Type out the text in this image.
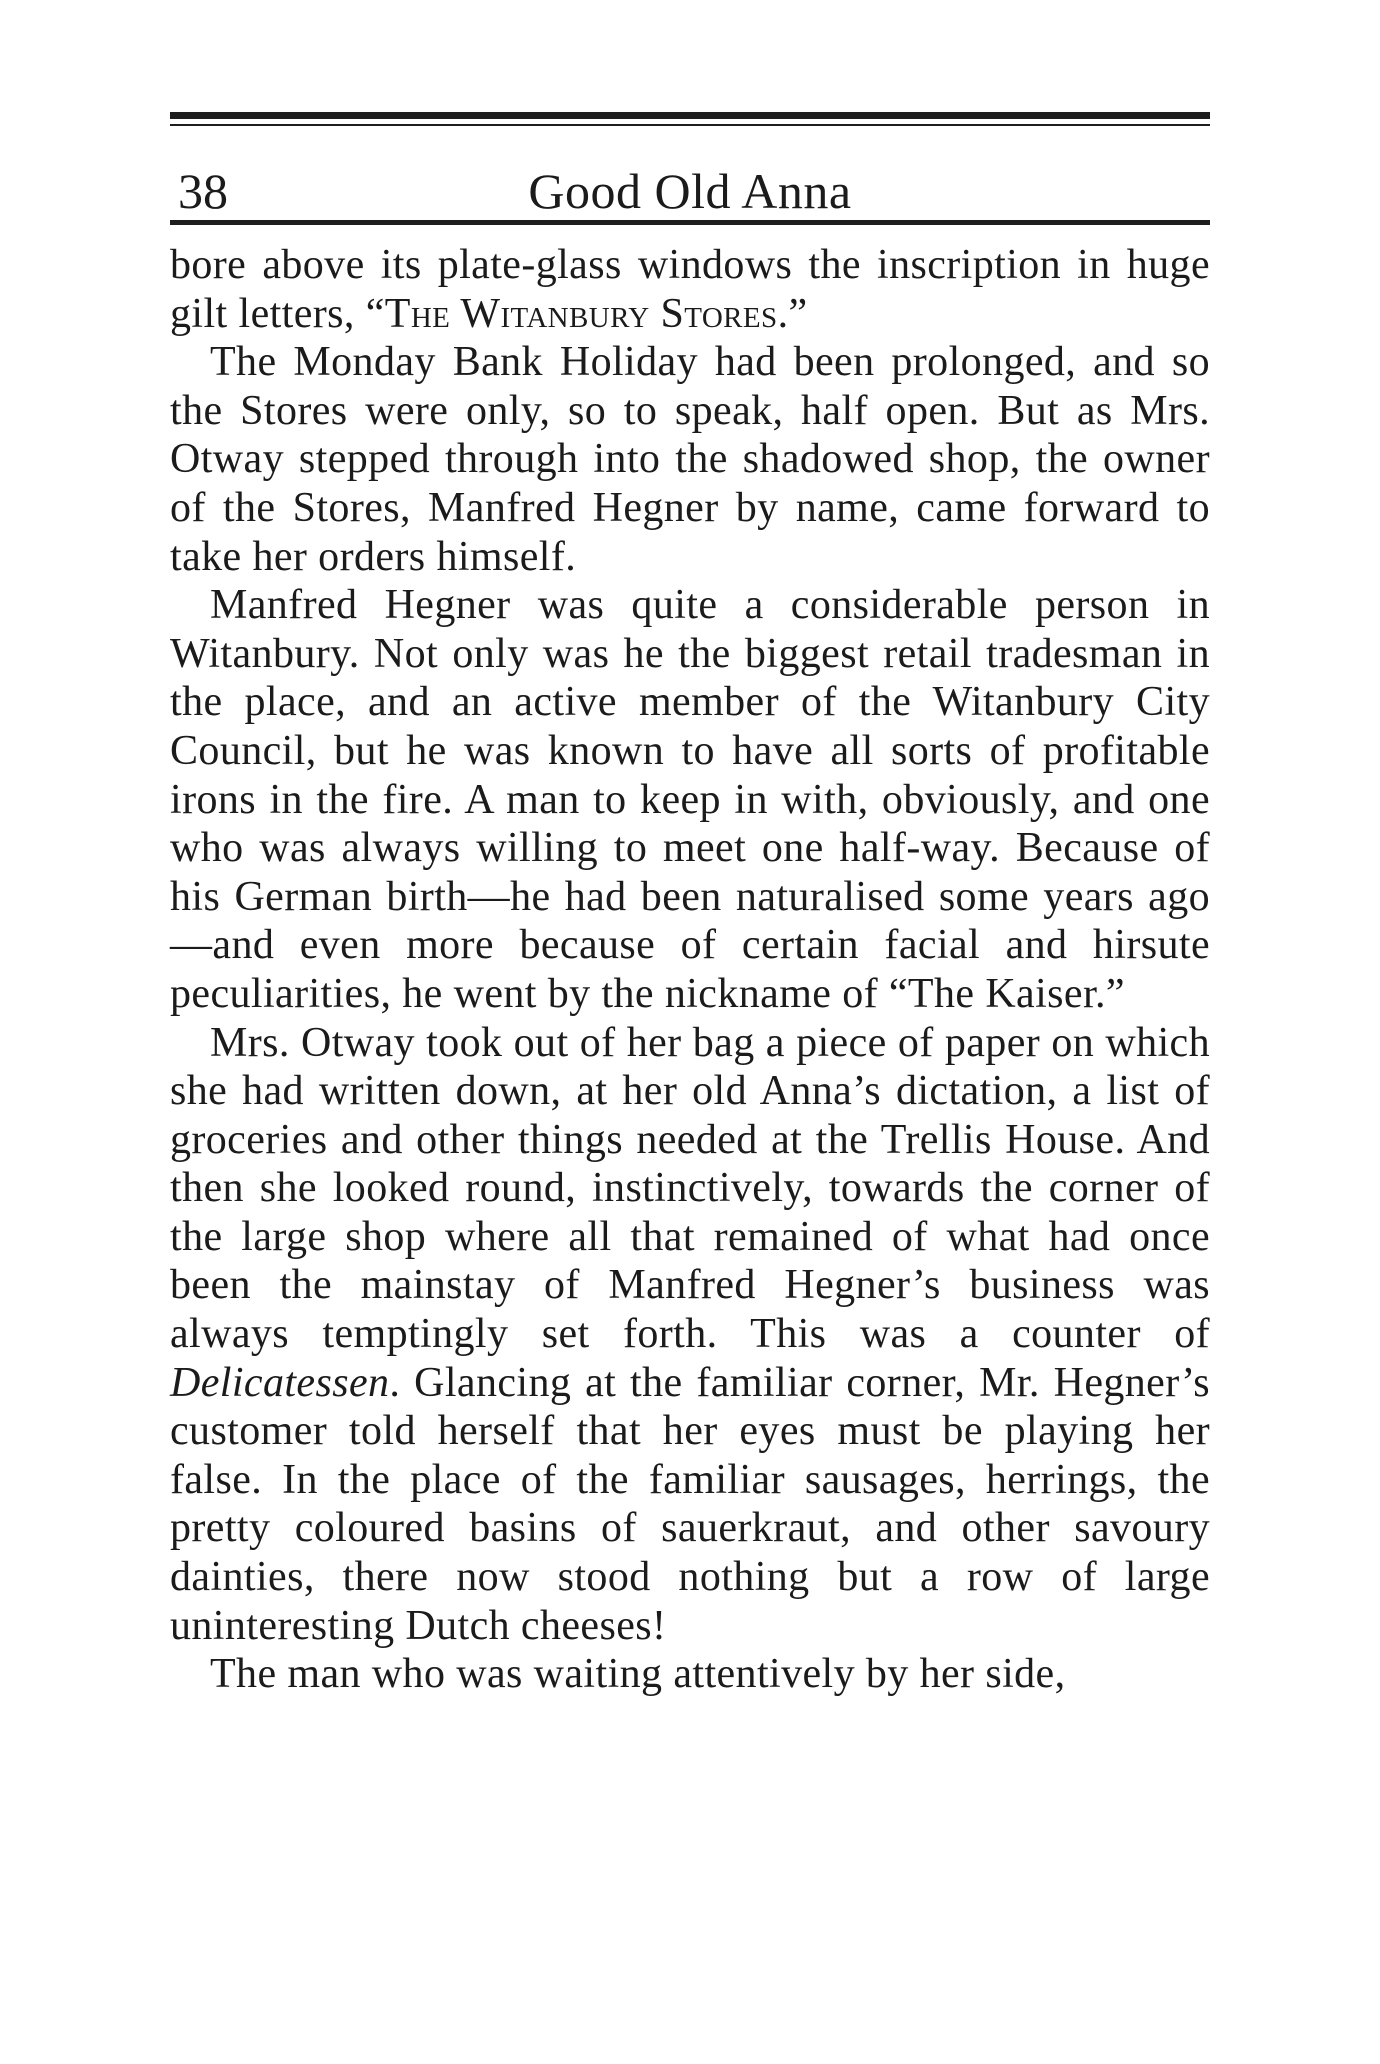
38	Good Old Anna

bore above its plate-glass windows the inscription in huge gilt letters, “The Witanbury Stores.”

The Monday Bank Holiday had been prolonged, and so the Stores were only, so to speak, half open. But as Mrs. Otway stepped through into the shadowed shop, the owner of the Stores, Manfred Hegner by name, came forward to take her orders himself.

Manfred Hegner was quite a considerable person in Witanbury. Not only was he the biggest retail tradesman in the place, and an active member of the Witanbury City Council, but he was known to have all sorts of profitable irons in the fire. A man to keep in with, obviously, and one who was always willing to meet one half-way. Because of his German birth—he had been naturalised some years ago—and even more because of certain facial and hirsute peculiarities, he went by the nickname of “The Kaiser.”

Mrs. Otway took out of her bag a piece of paper on which she had written down, at her old Anna’s dictation, a list of groceries and other things needed at the Trellis House. And then she looked round, instinctively, towards the corner of the large shop where all that remained of what had once been the mainstay of Manfred Hegner’s business was always temptingly set forth. This was a counter of Delicatessen. Glancing at the familiar corner, Mr. Hegner’s customer told herself that her eyes must be playing her false. In the place of the familiar sausages, herrings, the pretty coloured basins of sauerkraut, and other savoury dainties, there now stood nothing but a row of large uninteresting Dutch cheeses!

The man who was waiting attentively by her side,
